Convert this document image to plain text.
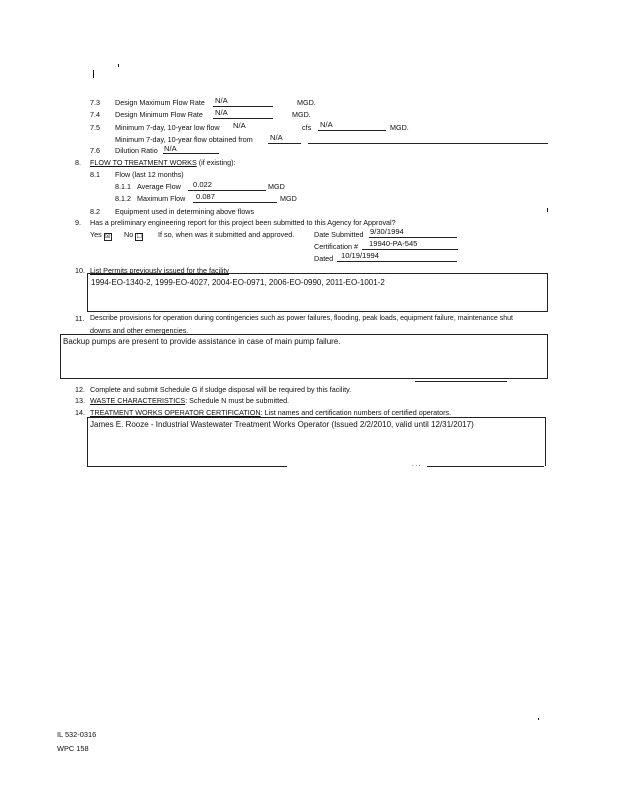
7.3 Design Maximum Flow Rate N/A	MGD.
7.4 Design Minimum Flow Rate N/A	MGD.
7.5 Minimum 7-day, 10-year low flow N/A	cfs N/A	MGD.
Minimum 7-day, 10-year flow obtained from N/A
7.6 Dilution Ratio N/A
8. FLOW TO TREATMENT WORKS (if existing):
8.1 Flow (last 12 months)
8.1.1 Average Flow 0.022	MGD
8.1.2 Maximum Flow 0.087	MGD
8.2 Equipment used in determining above flows
9. Has a preliminary engineering report for this project been submitted to this Agency for Approval?
Yes ☒ No ☐ If so, when was it submitted and approved.	Date Submitted 9/30/1994
Certification # 19940-PA-545
Dated 10/19/1994
10. List Permits previously issued for the facility
1994-EO-1340-2, 1999-EO-4027, 2004-EO-0971, 2006-EO-0990, 2011-EO-1001-2
11. Describe provisions for operation during contingencies such as power failures, flooding, peak loads, equipment failure, maintenance shut
downs and other emergencies.
Backup pumps are present to provide assistance in case of main pump failure.
12. Complete and submit Schedule G if sludge disposal will be required by this facility.
13. WASTE CHARACTERISTICS: Schedule N must be submitted.
14. TREATMENT WORKS OPERATOR CERTIFICATION: List names and certification numbers of certified operators.
James E. Rooze - Industrial Wastewater Treatment Works Operator (Issued 2/2/2010, valid until 12/31/2017)
. . .
IL 532-0316
WPC 158
